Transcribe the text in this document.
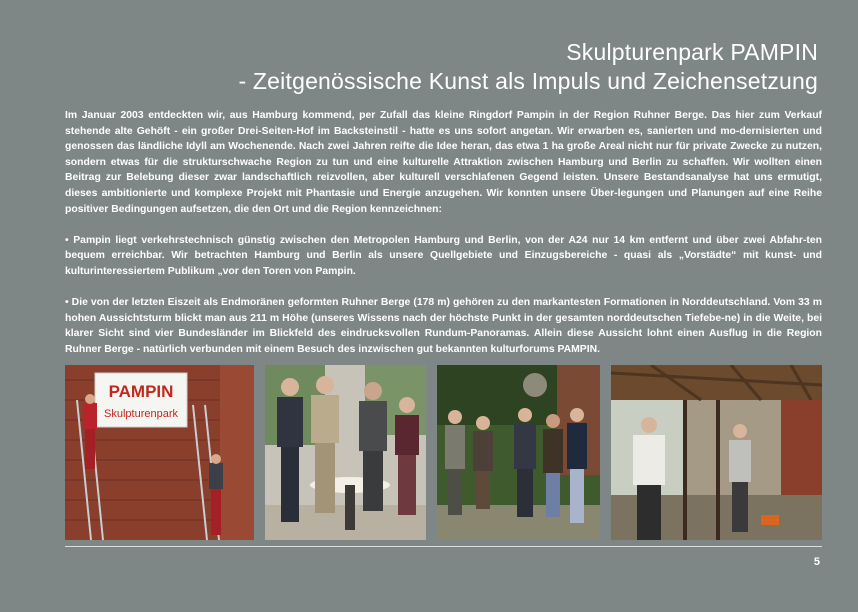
Skulpturenpark PAMPIN
- Zeitgenössische Kunst als Impuls und Zeichensetzung

Im Januar 2003 entdeckten wir, aus Hamburg kommend, per Zufall das kleine Ringdorf Pampin in der Region Ruhner Berge. Das hier zum Verkauf stehende alte Gehöft - ein großer Drei-Seiten-Hof im Backsteinstil - hatte es uns sofort angetan. Wir erwarben es, sanierten und mo-dernisierten und genossen das ländliche Idyll am Wochenende. Nach zwei Jahren reifte die Idee heran, das etwa 1 ha große Areal nicht nur für private Zwecke zu nutzen, sondern etwas für die strukturschwache Region zu tun und eine kulturelle Attraktion zwischen Hamburg und Berlin zu schaffen. Wir wollten einen Beitrag zur Belebung dieser zwar landschaftlich reizvollen, aber kulturell verschlafenen Gegend leisten. Unsere Bestandsanalyse hat uns ermutigt, dieses ambitionierte und komplexe Projekt mit Phantasie und Energie anzugehen. Wir konnten unsere Über-legungen und Planungen auf eine Reihe positiver Bedingungen aufsetzen, die den Ort und die Region kennzeichnen:

• Pampin liegt verkehrstechnisch günstig zwischen den Metropolen Hamburg und Berlin, von der A24 nur 14 km entfernt und über zwei Abfahr-ten bequem erreichbar. Wir betrachten Hamburg und Berlin als unsere Quellgebiete und Einzugsbereiche - quasi als „Vorstädte“ mit kunst- und kulturinteressiertem Publikum „vor den Toren von Pampin.

• Die von der letzten Eiszeit als Endmoränen geformten Ruhner Berge (178 m) gehören zu den markantesten Formationen in Norddeutschland. Vom 33 m hohen Aussichtsturm blickt man aus 211 m Höhe (unseres Wissens nach der höchste Punkt in der gesamten norddeutschen Tiefebe-ne) in die Weite, bei klarer Sicht sind vier Bundesländer im Blickfeld des eindrucksvollen Rundum-Panoramas. Allein diese Aussicht lohnt einen Ausflug in die Region Ruhner Berge - natürlich verbunden mit einem Besuch des inzwischen gut bekannten kulturforums PAMPIN.

PAMPIN
Skulpturenpark
5
